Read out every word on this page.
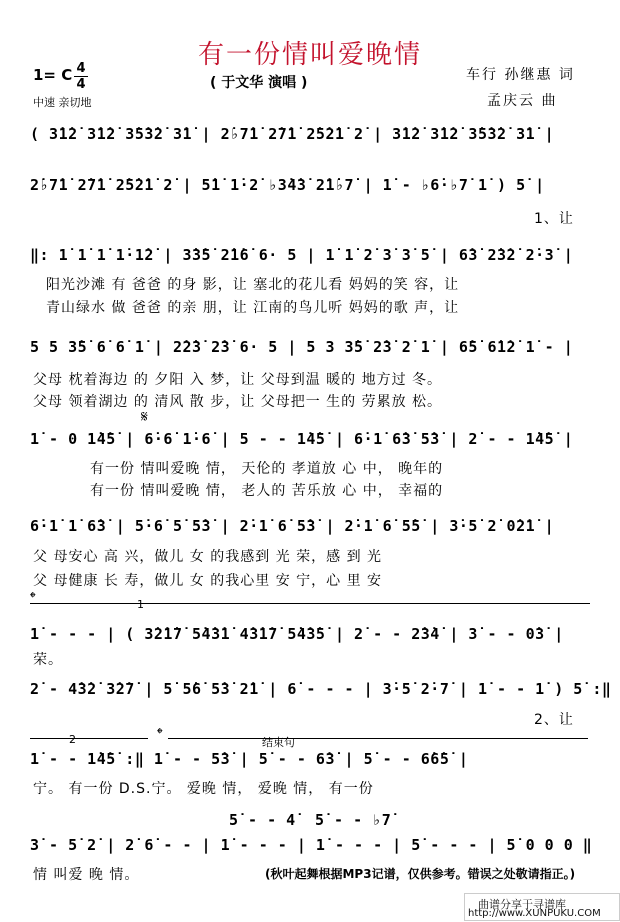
有一份情叫爱晚情
( 于文华 演唱 )
1= C 4
4
中速 亲切地
车行 孙继惠 词
孟庆云 曲
( 3̇1̇2̇ 3̇1̇2̇ 3̇5̇3̇2̇ 3̇1̇ | 2̇♭7̇1̇ 2̇7̇1̇ 2̇5̇2̇1̇ 2̇ | 3̇1̇2̇ 3̇1̇2̇ 3̇5̇3̇2̇ 3̇1̇ |
2̇♭7̇1̇ 2̇7̇1̇ 2̇5̇2̇1̇ 2̇ | 5̇1̇ 1̇·2̇ ♭3̇4̇3̇ 2̇1̇♭7̇ | 1̇ - ♭6̇·♭7̇ 1̇ ) 5̇ |
1、让
‖: 1̇ 1̇ 1̇ 1̇·1̇2̇ | 3̇3̇5̇ 2̇1̇6̇ 6· 5 | 1̇ 1̇ 2̇ 3̇ 3̇ 5̇ | 6̇3̇ 2̇3̇2̇ 2̇·3̇ |
阳光沙滩 有 爸爸 的身 影，让 塞北的花儿看 妈妈的笑 容，让
青山绿水 做 爸爸 的亲 朋，让 江南的鸟儿听 妈妈的歌 声，让
5 5 3̇5̇ 6̇ 6̇ 1̇ | 2̇2̇3̇ 2̇3̇ 6· 5 | 5 3 3̇5̇ 2̇3̇ 2̇ 1̇ | 6̇5̇ 6̇1̇2̇ 1̇ - |
父母 枕着海边 的 夕阳 入 梦，让 父母到温 暖的 地方过 冬。
父母 领着湖边 的 清风 散 步，让 父母把一 生的 劳累放 松。
𝄋
1̇ - 0 1̇4̇5̇ | 6̇·6̇ 1̇·6̇ | 5 - - 1̇4̇5̇ | 6̇·1̇ 6̇3̇ 5̇3̇ | 2̇ - - 1̇4̇5̇ |
有一份 情叫爱晚 情， 天伦的 孝道放 心 中， 晚年的
有一份 情叫爱晚 情， 老人的 苦乐放 心 中， 幸福的
6̇·1̇ 1̇ 6̇3̇ | 5̇·6̇ 5̇ 5̇3̇ | 2̇·1̇ 6̇ 5̇3̇ | 2̇·1̇ 6̇ 5̇5̇ | 3̇·5̇ 2̇ 0̇2̇1̇ |
父 母安心 高 兴，做儿 女 的我感到 光 荣，感 到 光
父 母健康 长 寿，做儿 女 的我心里 安 宁，心 里 安
𝄌	1
1̇ - - - | ( 3̇2̇1̇7̇ 5̇4̇3̇1̇ 4̇3̇1̇7̇ 5̇4̇3̇5̇ | 2̇ - - 2̇3̇4̇ | 3̇ - - 0̇3̇ |
荣。
2̇ - 4̇3̇2̇ 3̇2̇7̇ | 5̇ 5̇6̇ 5̇3̇ 2̇1̇ | 6̇ - - - | 3̇·5̇ 2̇·7̇ | 1̇ - - 1̇ ) 5̇ :‖
2、让
2	𝄌	结束句
1̇ - - 1̇4̇5̇ :‖ 1̇ - - 5̇3̇ | 5̇ - - 6̇3̇ | 5̇ - - 6̇6̇5̇ |
宁。 有一份 D.S.宁。 爱晚 情， 爱晚 情， 有一份
5̇ - - 4̇ 5̇ - - ♭7̇
3̇ - 5̇ 2̇ | 2̇ 6̇ - - | 1̇ - - - | 1̇ - - - | 5̇ - - - | 5̇ 0 0 0 ‖
情 叫爱 晚 情。	(秋叶起舞根据MP3记谱，仅供参考。错误之处敬请指正。)
曲谱分享于寻谱库
http://www.XUNPUKU.COM
